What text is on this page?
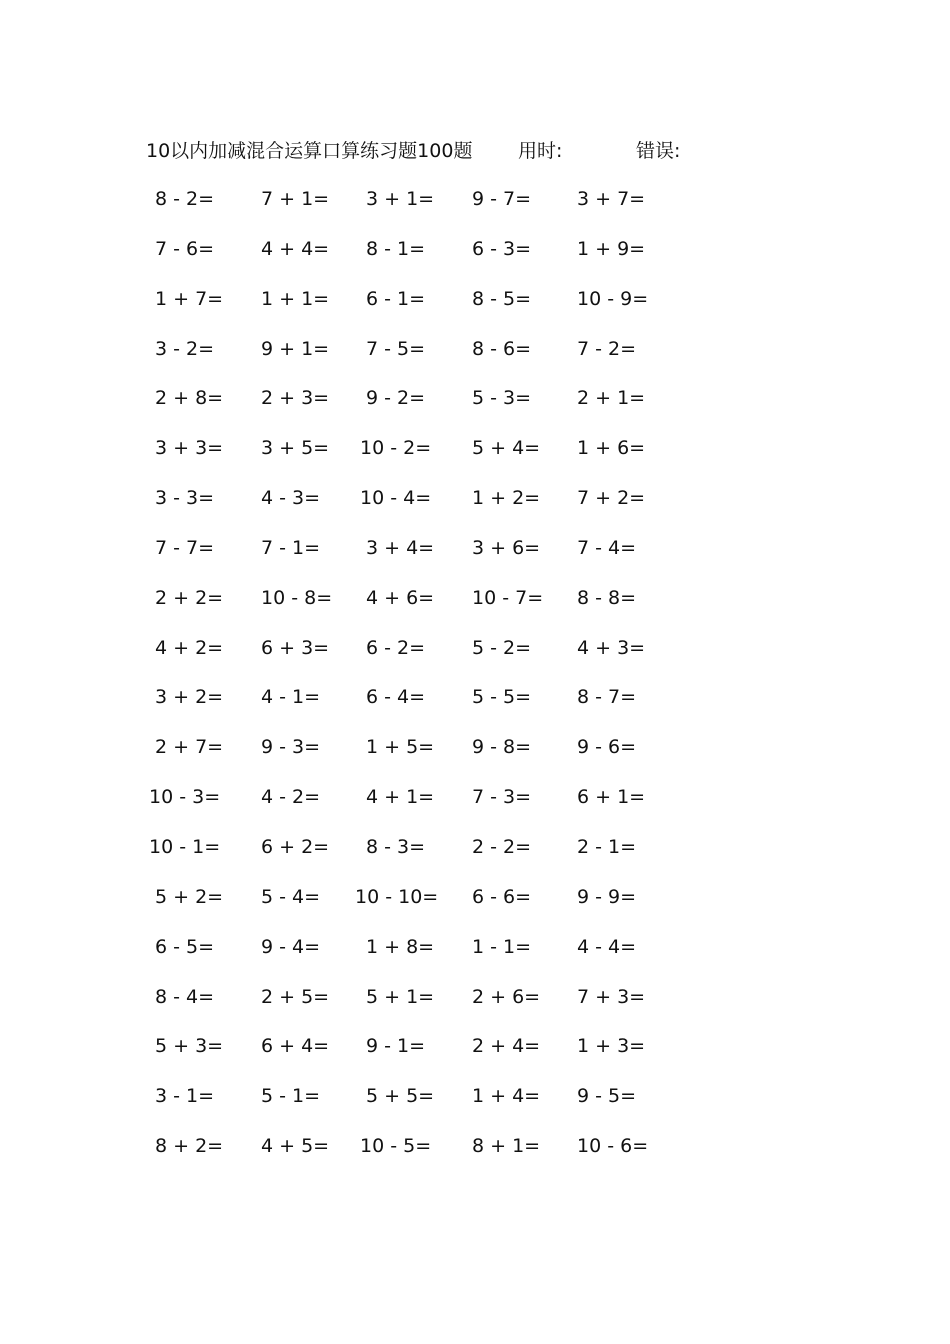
10以内加减混合运算口算练习题100题 用时:	错误:
8 - 2= 7 + 1= 3 + 1= 9 - 7= 3 + 7=
7 - 6= 4 + 4= 8 - 1= 6 - 3= 1 + 9=
1 + 7= 1 + 1= 6 - 1= 8 - 5= 10 - 9=
3 - 2= 9 + 1= 7 - 5= 8 - 6= 7 - 2=
2 + 8= 2 + 3= 9 - 2= 5 - 3= 2 + 1=
3 + 3= 3 + 5= 10 - 2= 5 + 4= 1 + 6=
3 - 3= 4 - 3= 10 - 4= 1 + 2= 7 + 2=
7 - 7= 7 - 1= 3 + 4= 3 + 6= 7 - 4=
2 + 2= 10 - 8= 4 + 6= 10 - 7= 8 - 8=
4 + 2= 6 + 3= 6 - 2= 5 - 2= 4 + 3=
3 + 2= 4 - 1= 6 - 4= 5 - 5= 8 - 7=
2 + 7= 9 - 3= 1 + 5= 9 - 8= 9 - 6=
10 - 3= 4 - 2= 4 + 1= 7 - 3= 6 + 1=
10 - 1= 6 + 2= 8 - 3= 2 - 2= 2 - 1=
5 + 2= 5 - 4= 10 - 10= 6 - 6= 9 - 9=
6 - 5= 9 - 4= 1 + 8= 1 - 1= 4 - 4=
8 - 4= 2 + 5= 5 + 1= 2 + 6= 7 + 3=
5 + 3= 6 + 4= 9 - 1= 2 + 4= 1 + 3=
3 - 1= 5 - 1= 5 + 5= 1 + 4= 9 - 5=
8 + 2= 4 + 5= 10 - 5= 8 + 1= 10 - 6=
